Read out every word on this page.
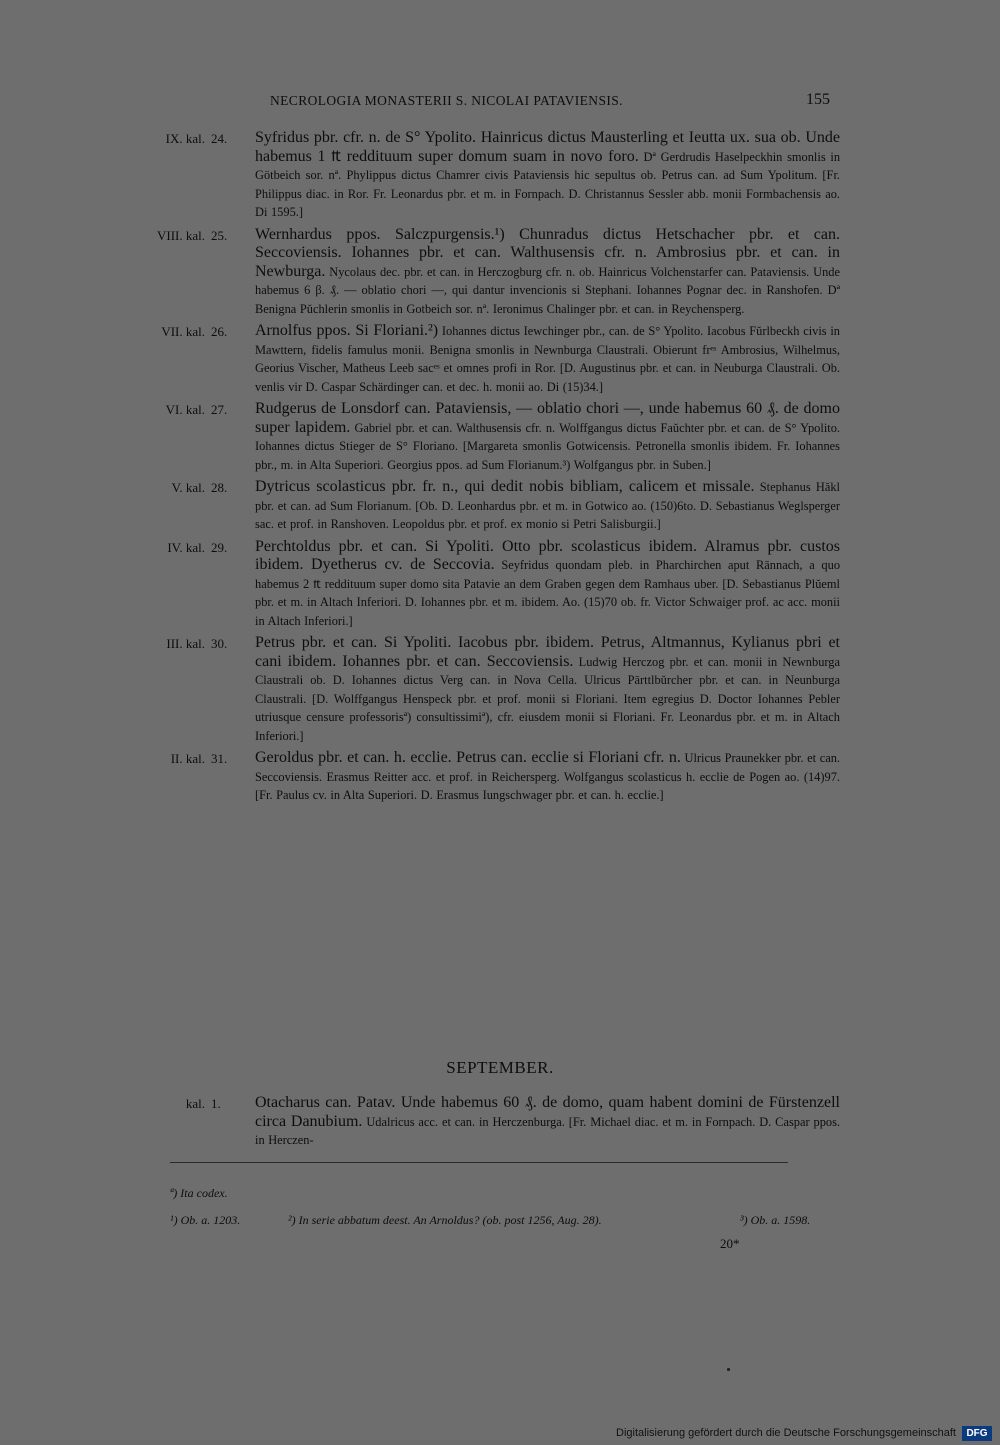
NECROLOGIA MONASTERII S. NICOLAI PATAVIENSIS.	155
IX. kal. 24. Syfridus pbr. cfr. n. de S° Ypolito. Hainricus dictus Mausterling et Ieutta ux. sua ob. Unde habemus 1 ₶ reddituum super domum suam in novo foro. Dª Gerdrudis Haselpeckhin smonlis in Götbeich sor. nª. Phylippus dictus Chamrer civis Pataviensis hic sepultus ob. Petrus can. ad Sum Ypolitum. [Fr. Philippus diac. in Ror. Fr. Leonardus pbr. et m. in Fornpach. D. Christannus Sessler abb. monii Formbachensis ao. Di 1595.]
VIII. kal. 25. Wernhardus ppos. Salczpurgensis.¹) Chunradus dictus Hetschacher pbr. et can. Seccoviensis. Iohannes pbr. et can. Walthusensis cfr. n. Ambrosius pbr. et can. in Newburga. Nycolaus dec. pbr. et can. in Herczogburg cfr. n. ob. Hainricus Volchenstarfer can. Pataviensis. Unde habemus 6 β. ₰. — oblatio chori —, qui dantur invencionis si Stephani. Iohannes Pognar dec. in Ranshofen. Dª Benigna Pǔchlerin smonlis in Gotbeich sor. nª. Ieronimus Chalinger pbr. et can. in Reychensperg.
VII. kal. 26. Arnolfus ppos. Si Floriani.²) Iohannes dictus Iewchinger pbr., can. de S° Ypolito. Iacobus Fŭrlbeckh civis in Mawttern, fidelis famulus monii. Benigna smonlis in Newnburga Claustrali. Obierunt frᵉˢ Ambrosius, Wilhelmus, Georius Vischer, Matheus Leeb sacᵉˢ et omnes profi in Ror. [D. Augustinus pbr. et can. in Neuburga Claustrali. Ob. venlis vir D. Caspar Schärdinger can. et dec. h. monii ao. Di (15)34.]
VI. kal. 27. Rudgerus de Lonsdorf can. Pataviensis, — oblatio chori —, unde habemus 60 ₰. de domo super lapidem. Gabriel pbr. et can. Walthusensis cfr. n. Wolffgangus dictus Faŭchter pbr. et can. de S° Ypolito. Iohannes dictus Stieger de S° Floriano. [Margareta smonlis Gotwicensis. Petronella smonlis ibidem. Fr. Iohannes pbr., m. in Alta Superiori. Georgius ppos. ad Sum Florianum.³) Wolfgangus pbr. in Suben.]
V. kal. 28. Dytricus scolasticus pbr. fr. n., qui dedit nobis bibliam, calicem et missale. Stephanus Hǎkl pbr. et can. ad Sum Florianum. [Ob. D. Leonhardus pbr. et m. in Gotwico ao. (150)6to. D. Sebastianus Weglsperger sac. et prof. in Ranshoven. Leopoldus pbr. et prof. ex monio si Petri Salisburgii.]
IV. kal. 29. Perchtoldus pbr. et can. Si Ypoliti. Otto pbr. scolasticus ibidem. Alramus pbr. custos ibidem. Dyetherus cv. de Seccovia. Seyfridus quondam pleb. in Pharchirchen aput Rānnach, a quo habemus 2 ₶ reddituum super domo sita Patavie an dem Graben gegen dem Ramhaus uber. [D. Sebastianus Plŭeml pbr. et m. in Altach Inferiori. D. Iohannes pbr. et m. ibidem. Ao. (15)70 ob. fr. Victor Schwaiger prof. ac acc. monii in Altach Inferiori.]
III. kal. 30. Petrus pbr. et can. Si Ypoliti. Iacobus pbr. ibidem. Petrus, Altmannus, Kylianus pbri et cani ibidem. Iohannes pbr. et can. Seccoviensis. Ludwig Herczog pbr. et can. monii in Newnburga Claustrali ob. D. Iohannes dictus Verg can. in Nova Cella. Ulricus Pārttlbǔrcher pbr. et can. in Neunburga Claustrali. [D. Wolffgangus Henspeck pbr. et prof. monii si Floriani. Item egregius D. Doctor Iohannes Pebler utriusque censure professorisª) consultissimiª), cfr. eiusdem monii si Floriani. Fr. Leonardus pbr. et m. in Altach Inferiori.]
II. kal. 31. Geroldus pbr. et can. h. ecclie. Petrus can. ecclie si Floriani cfr. n. Ulricus Praunekker pbr. et can. Seccoviensis. Erasmus Reitter acc. et prof. in Reichersperg. Wolfgangus scolasticus h. ecclie de Pogen ao. (14)97. [Fr. Paulus cv. in Alta Superiori. D. Erasmus Iungschwager pbr. et can. h. ecclie.]
SEPTEMBER.
kal. 1. Otacharus can. Patav. Unde habemus 60 ₰. de domo, quam habent domini de Fürstenzell circa Danubium. Udalricus acc. et can. in Herczenburga. [Fr. Michael diac. et m. in Fornpach. D. Caspar ppos. in Herczen-
ª) Ita codex.
¹) Ob. a. 1203.	²) In serie abbatum deest. An Arnoldus? (ob. post 1256, Aug. 28).	³) Ob. a. 1598.
20*
Digitalisierung gefördert durch die Deutsche Forschungsgemeinschaft	DFG
